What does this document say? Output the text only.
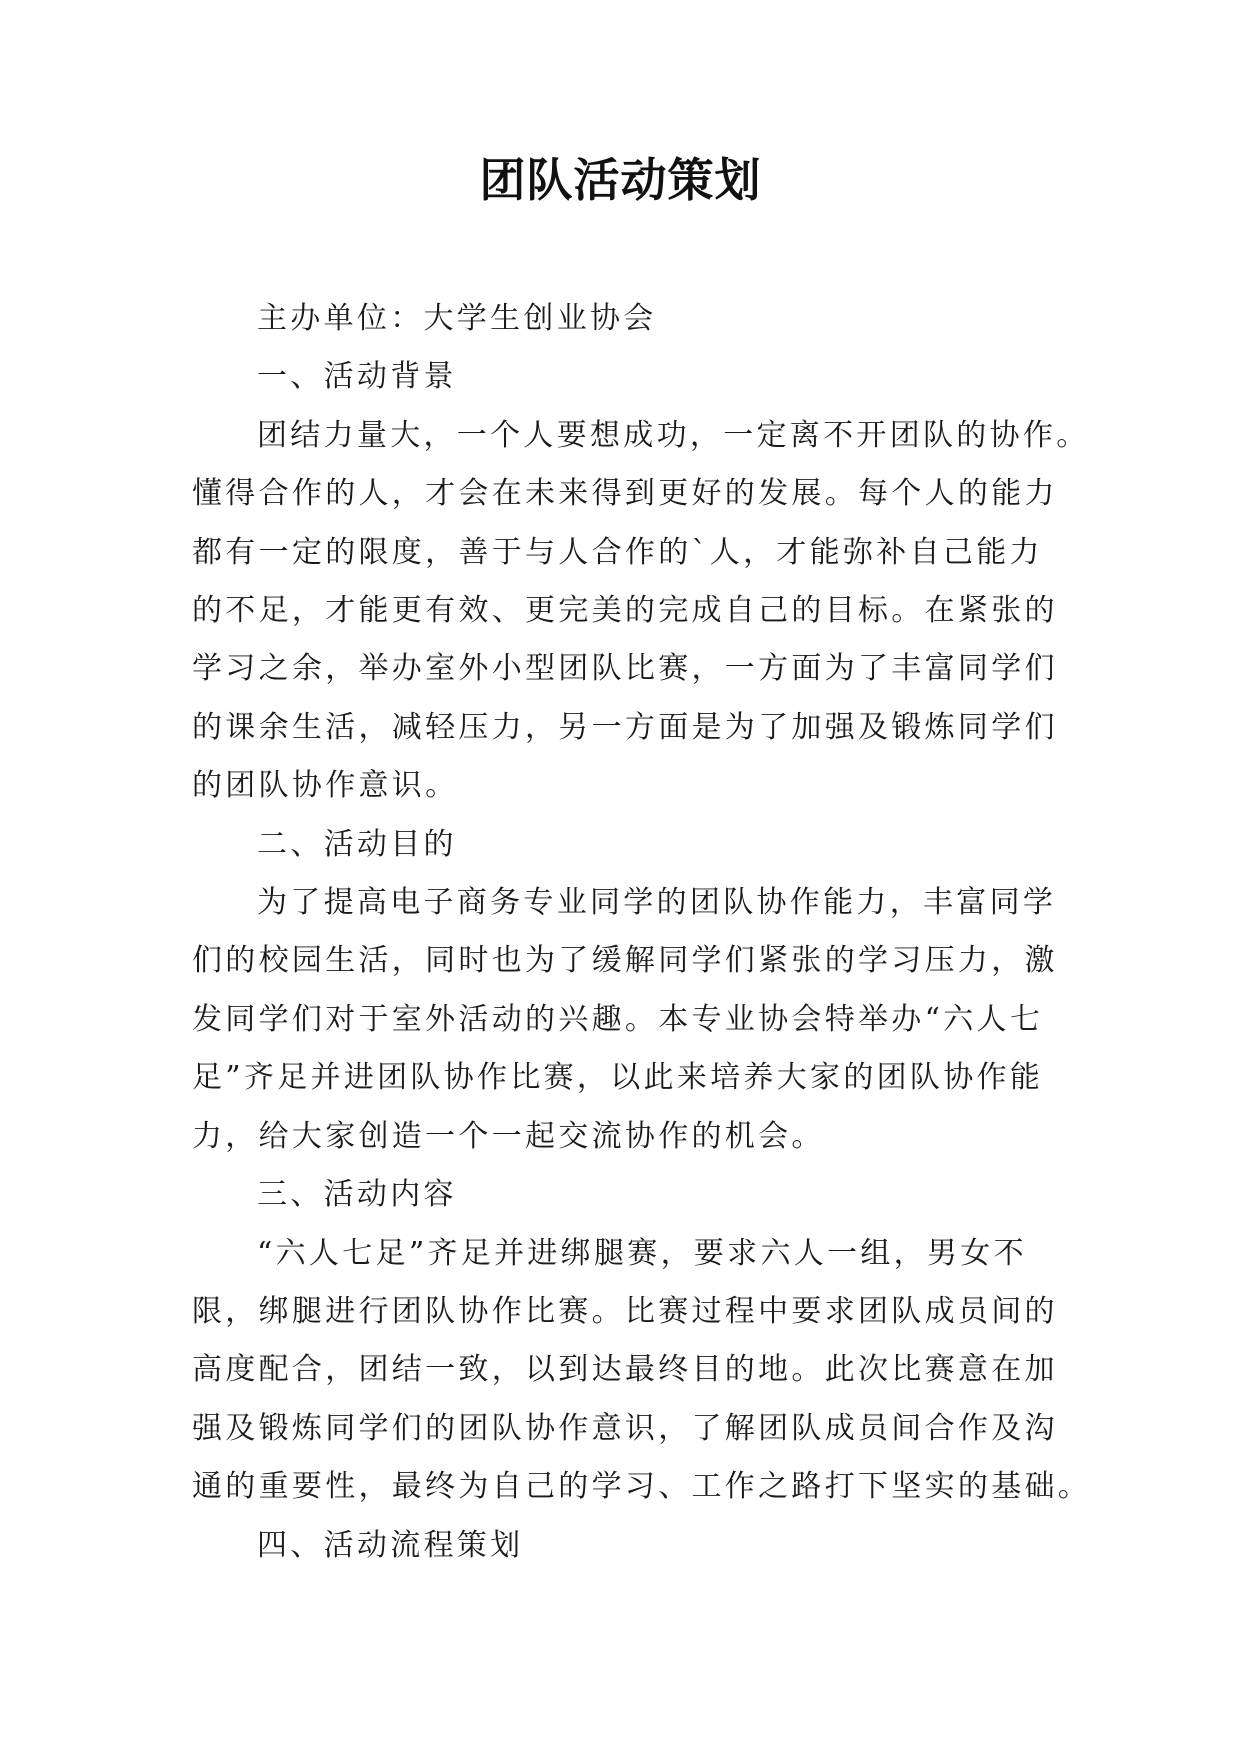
团队活动策划
主办单位：大学生创业协会
一、活动背景
团结力量大，一个人要想成功，一定离不开团队的协作。
懂得合作的人，才会在未来得到更好的发展。每个人的能力
都有一定的限度，善于与人合作的`人，才能弥补自己能力
的不足，才能更有效、更完美的完成自己的目标。在紧张的
学习之余，举办室外小型团队比赛，一方面为了丰富同学们
的课余生活，减轻压力，另一方面是为了加强及锻炼同学们
的团队协作意识。
二、活动目的
为了提高电子商务专业同学的团队协作能力，丰富同学
们的校园生活，同时也为了缓解同学们紧张的学习压力，激
发同学们对于室外活动的兴趣。本专业协会特举办“六人七
足”齐足并进团队协作比赛，以此来培养大家的团队协作能
力，给大家创造一个一起交流协作的机会。
三、活动内容
“六人七足”齐足并进绑腿赛，要求六人一组，男女不
限，绑腿进行团队协作比赛。比赛过程中要求团队成员间的
高度配合，团结一致，以到达最终目的地。此次比赛意在加
强及锻炼同学们的团队协作意识，了解团队成员间合作及沟
通的重要性，最终为自己的学习、工作之路打下坚实的基础。
四、活动流程策划
